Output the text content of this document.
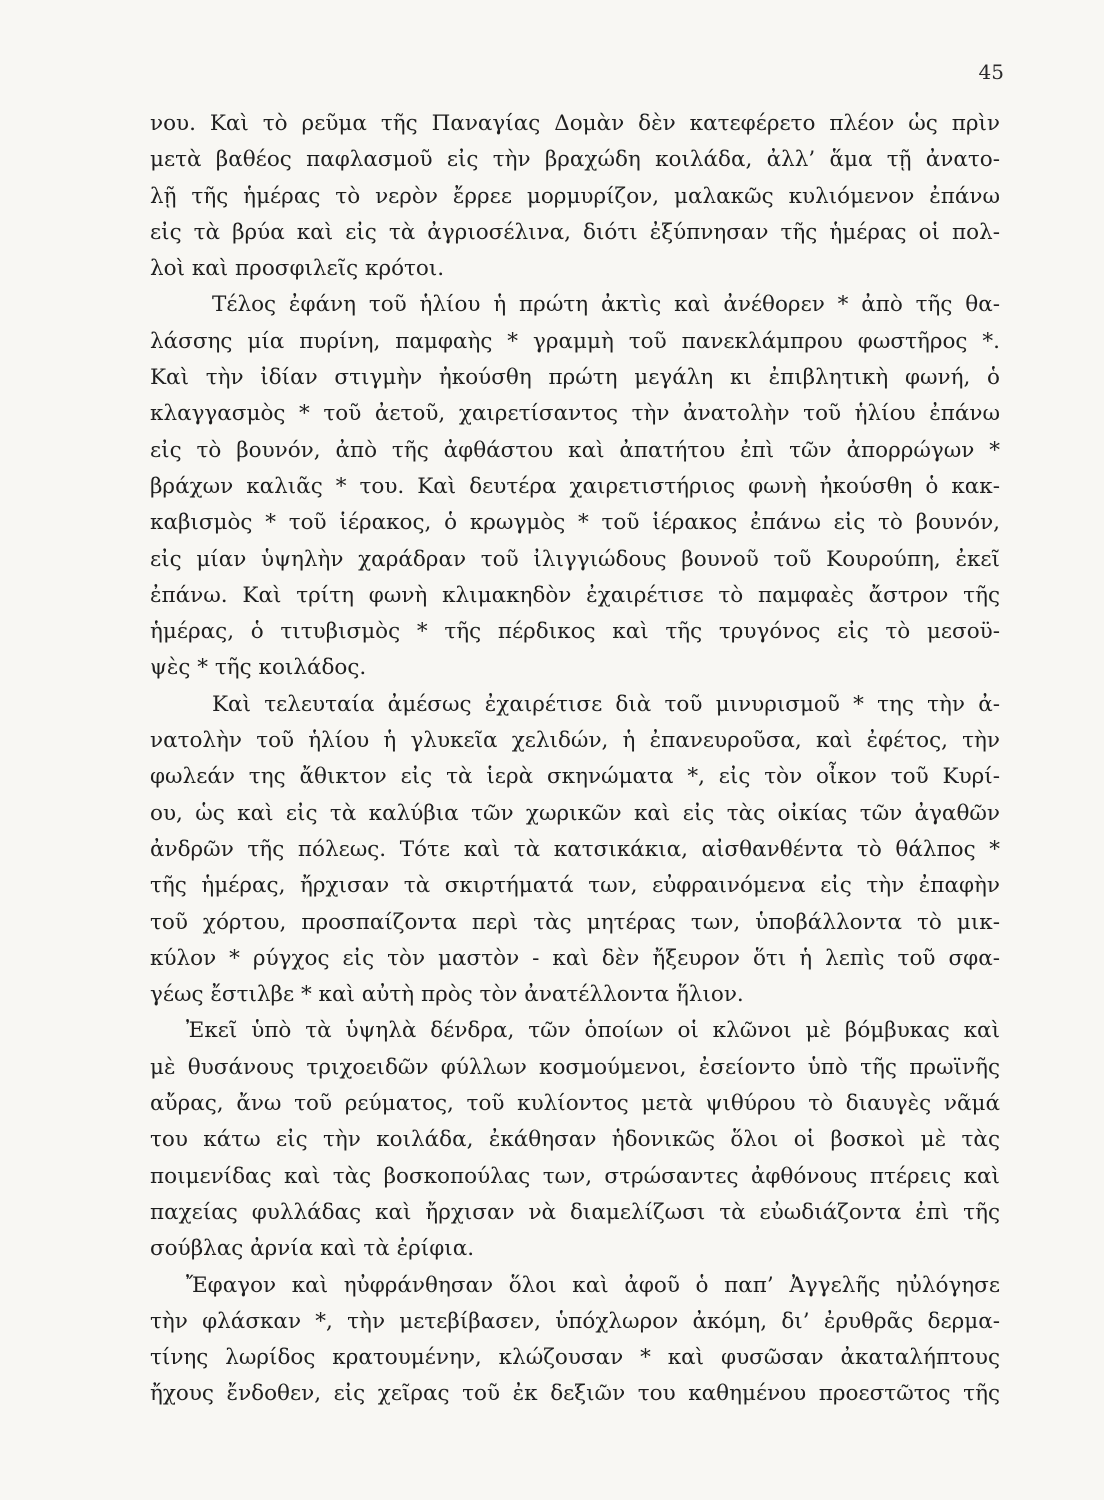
45
νου. Καὶ τὸ ρεῦμα τῆς Παναγίας Δομὰν δὲν κατεφέρετο πλέον ὡς πρὶν
μετὰ βαθέος παφλασμοῦ εἰς τὴν βραχώδη κοιλάδα, ἀλλ’ ἅμα τῇ ἀνατο-
λῇ τῆς ἡμέρας τὸ νερὸν ἔρρεε μορμυρίζον, μαλακῶς κυλιόμενον ἐπάνω
εἰς τὰ βρύα καὶ εἰς τὰ ἀγριοσέλινα, διότι ἐξύπνησαν τῆς ἡμέρας οἱ πολ-
λοὶ καὶ προσφιλεῖς κρότοι.
Τέλος ἐφάνη τοῦ ἡλίου ἡ πρώτη ἀκτὶς καὶ ἀνέθορεν * ἀπὸ τῆς θα-
λάσσης μία πυρίνη, παμφαὴς * γραμμὴ τοῦ πανεκλάμπρου φωστῆρος *.
Καὶ τὴν ἰδίαν στιγμὴν ἠκούσθη πρώτη μεγάλη κι ἐπιβλητικὴ φωνή, ὁ
κλαγγασμὸς * τοῦ ἀετοῦ, χαιρετίσαντος τὴν ἀνατολὴν τοῦ ἡλίου ἐπάνω
εἰς τὸ βουνόν, ἀπὸ τῆς ἀφθάστου καὶ ἀπατήτου ἐπὶ τῶν ἀπορρώγων *
βράχων καλιᾶς * του. Καὶ δευτέρα χαιρετιστήριος φωνὴ ἠκούσθη ὁ κακ-
καβισμὸς * τοῦ ἱέρακος, ὁ κρωγμὸς * τοῦ ἱέρακος ἐπάνω εἰς τὸ βουνόν,
εἰς μίαν ὑψηλὴν χαράδραν τοῦ ἰλιγγιώδους βουνοῦ τοῦ Κουρούπη, ἐκεῖ
ἐπάνω. Καὶ τρίτη φωνὴ κλιμακηδὸν ἐχαιρέτισε τὸ παμφαὲς ἄστρον τῆς
ἡμέρας, ὁ τιτυβισμὸς * τῆς πέρδικος καὶ τῆς τρυγόνος εἰς τὸ μεσοϋ-
ψὲς * τῆς κοιλάδος.
Καὶ τελευταία ἀμέσως ἐχαιρέτισε διὰ τοῦ μινυρισμοῦ * της τὴν ἀ-
νατολὴν τοῦ ἡλίου ἡ γλυκεῖα χελιδών, ἡ ἐπανευροῦσα, καὶ ἐφέτος, τὴν
φωλεάν της ἄθικτον εἰς τὰ ἱερὰ σκηνώματα *, εἰς τὸν οἶκον τοῦ Κυρί-
ου, ὡς καὶ εἰς τὰ καλύβια τῶν χωρικῶν καὶ εἰς τὰς οἰκίας τῶν ἀγαθῶν
ἀνδρῶν τῆς πόλεως. Τότε καὶ τὰ κατσικάκια, αἰσθανθέντα τὸ θάλπος *
τῆς ἡμέρας, ἤρχισαν τὰ σκιρτήματά των, εὐφραινόμενα εἰς τὴν ἐπαφὴν
τοῦ χόρτου, προσπαίζοντα περὶ τὰς μητέρας των, ὑποβάλλοντα τὸ μικ-
κύλον * ρύγχος εἰς τὸν μαστὸν - καὶ δὲν ἤξευρον ὅτι ἡ λεπὶς τοῦ σφα-
γέως ἔστιλβε * καὶ αὐτὴ πρὸς τὸν ἀνατέλλοντα ἥλιον.
Ἐκεῖ ὑπὸ τὰ ὑψηλὰ δένδρα, τῶν ὁποίων οἱ κλῶνοι μὲ βόμβυκας καὶ
μὲ θυσάνους τριχοειδῶν φύλλων κοσμούμενοι, ἐσείοντο ὑπὸ τῆς πρωϊνῆς
αὔρας, ἄνω τοῦ ρεύματος, τοῦ κυλίοντος μετὰ ψιθύρου τὸ διαυγὲς νᾶμά
του κάτω εἰς τὴν κοιλάδα, ἐκάθησαν ἡδονικῶς ὅλοι οἱ βοσκοὶ μὲ τὰς
ποιμενίδας καὶ τὰς βοσκοπούλας των, στρώσαντες ἀφθόνους πτέρεις καὶ
παχείας φυλλάδας καὶ ἤρχισαν νὰ διαμελίζωσι τὰ εὐωδιάζοντα ἐπὶ τῆς
σούβλας ἀρνία καὶ τὰ ἐρίφια.
Ἔφαγον καὶ ηὐφράνθησαν ὅλοι καὶ ἀφοῦ ὁ παπ’ Ἀγγελῆς ηὐλόγησε
τὴν φλάσκαν *, τὴν μετεβίβασεν, ὑπόχλωρον ἀκόμη, δι’ ἐρυθρᾶς δερμα-
τίνης λωρίδος κρατουμένην, κλώζουσαν * καὶ φυσῶσαν ἀκαταλήπτους
ἤχους ἔνδοθεν, εἰς χεῖρας τοῦ ἐκ δεξιῶν του καθημένου προεστῶτος τῆς
